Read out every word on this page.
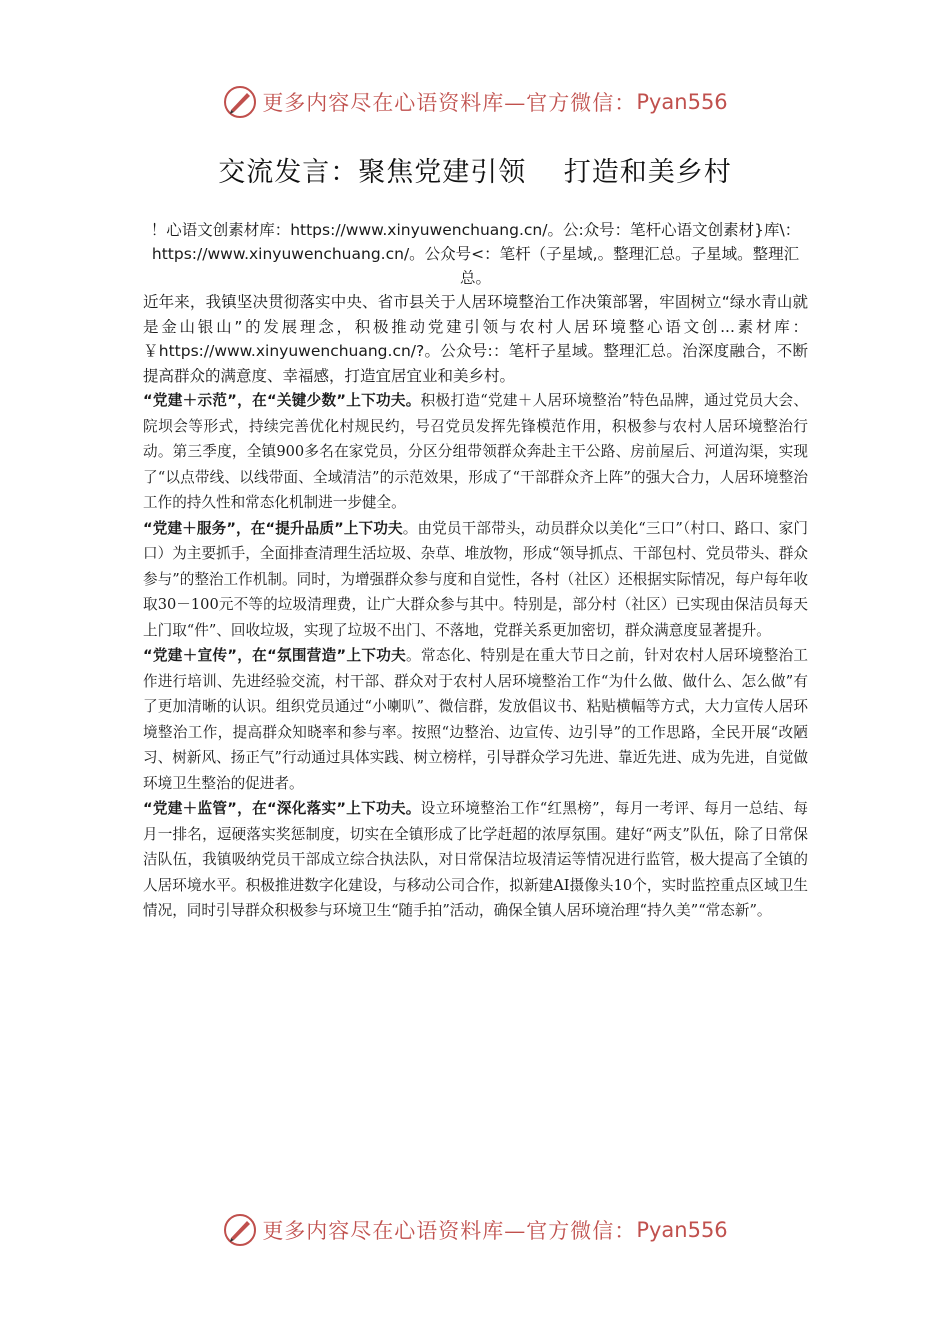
更多内容尽在心语资料库—官方微信： Pyan556
交流发言：聚焦党建引领　 打造和美乡村

！心语文创素材库：https://www.xinyuwenchuang.cn/。公:众号：笔杆心语文创素材}库\：https://www.xinyuwenchuang.cn/。公众号<：笔杆（子星域,。整理汇总。子星域。整理汇总。

近年来，我镇坚决贯彻落实中央、省市县关于人居环境整治工作决策部署，牢固树立“绿水青山就是金山银山”的发展理念，积极推动党建引领与农村人居环境整心语文创...素材库：￥https://www.xinyuwenchuang.cn/?。公众号:：笔杆子星域。整理汇总。治深度融合，不断提高群众的满意度、幸福感，打造宜居宜业和美乡村。

“党建＋示范”，在“关键少数”上下功夫。积极打造“党建＋人居环境整治”特色品牌，通过党员大会、院坝会等形式，持续完善优化村规民约，号召党员发挥先锋模范作用，积极参与农村人居环境整治行动。第三季度，全镇900多名在家党员，分区分组带领群众奔赴主干公路、房前屋后、河道沟渠，实现了“以点带线、以线带面、全域清洁”的示范效果，形成了“干部群众齐上阵”的强大合力，人居环境整治工作的持久性和常态化机制进一步健全。

“党建＋服务”，在“提升品质”上下功夫。由党员干部带头，动员群众以美化“三口”（村口、路口、家门口）为主要抓手，全面排查清理生活垃圾、杂草、堆放物，形成“领导抓点、干部包村、党员带头、群众参与”的整治工作机制。同时，为增强群众参与度和自觉性，各村（社区）还根据实际情况，每户每年收取30－100元不等的垃圾清理费，让广大群众参与其中。特别是，部分村（社区）已实现由保洁员每天上门取“件”、回收垃圾，实现了垃圾不出门、不落地，党群关系更加密切，群众满意度显著提升。

“党建＋宣传”，在“氛围营造”上下功夫。常态化、特别是在重大节日之前，针对农村人居环境整治工作进行培训、先进经验交流，村干部、群众对于农村人居环境整治工作“为什么做、做什么、怎么做”有了更加清晰的认识。组织党员通过“小喇叭”、微信群，发放倡议书、粘贴横幅等方式，大力宣传人居环境整治工作，提高群众知晓率和参与率。按照“边整治、边宣传、边引导”的工作思路，全民开展“改陋习、树新风、扬正气”行动通过具体实践、树立榜样，引导群众学习先进、靠近先进、成为先进，自觉做环境卫生整治的促进者。

“党建＋监管”，在“深化落实”上下功夫。设立环境整治工作“红黑榜”，每月一考评、每月一总结、每月一排名，逗硬落实奖惩制度，切实在全镇形成了比学赶超的浓厚氛围。建好“两支”队伍，除了日常保洁队伍，我镇吸纳党员干部成立综合执法队，对日常保洁垃圾清运等情况进行监管，极大提高了全镇的人居环境水平。积极推进数字化建设，与移动公司合作，拟新建AI摄像头10个，实时监控重点区域卫生情况，同时引导群众积极参与环境卫生“随手拍”活动，确保全镇人居环境治理“持久美”“常态新”。

更多内容尽在心语资料库—官方微信： Pyan556
